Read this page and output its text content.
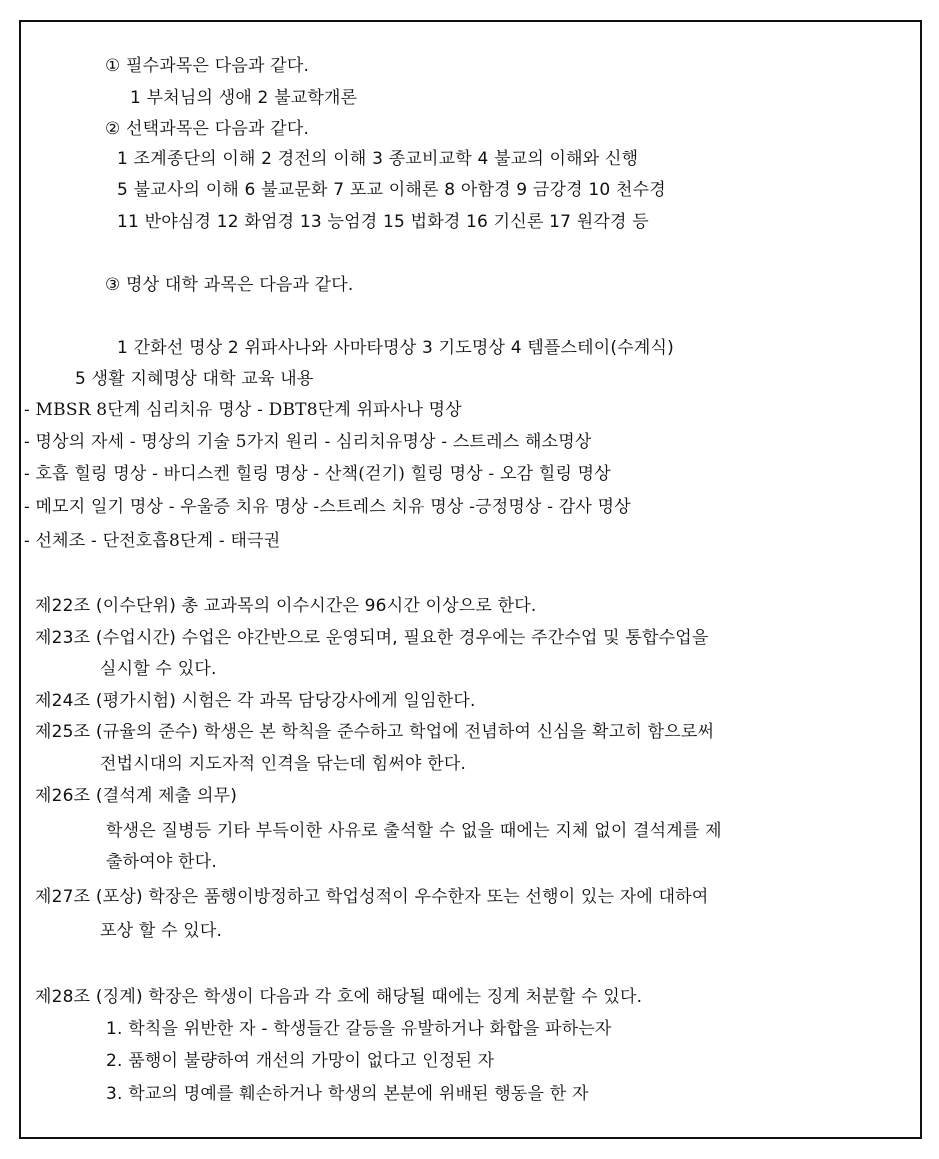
① 필수과목은 다음과 같다.
1 부처님의 생애 2 불교학개론
② 선택과목은 다음과 같다.
1 조계종단의 이해 2 경전의 이해 3 종교비교학 4 불교의 이해와 신행
5 불교사의 이해 6 불교문화 7 포교 이해론 8 아함경 9 금강경 10 천수경
11 반야심경 12 화엄경 13 능엄경 15 법화경 16 기신론 17 원각경 등
③ 명상 대학 과목은 다음과 같다.
1 간화선 명상 2 위파사나와 사마타명상 3 기도명상 4 템플스테이(수계식)
5 생활 지혜명상 대학 교육 내용
- MBSR 8단계 심리치유 명상 - DBT8단계 위파사나 명상
- 명상의 자세 - 명상의 기술 5가지 원리 - 심리치유명상 - 스트레스 해소명상
- 호흡 힐링 명상 - 바디스켄 힐링 명상 - 산책(걷기) 힐링 명상 - 오감 힐링 명상
- 메모지 일기 명상 - 우울증 치유 명상 -스트레스 치유 명상 -긍정명상 - 감사 명상
- 선체조 - 단전호흡8단계 - 태극권
제22조 (이수단위) 총 교과목의 이수시간은 96시간 이상으로 한다.
제23조 (수업시간) 수업은 야간반으로 운영되며, 필요한 경우에는 주간수업 및 통합수업을
실시할 수 있다.
제24조 (평가시험) 시험은 각 과목 담당강사에게 일임한다.
제25조 (규율의 준수) 학생은 본 학칙을 준수하고 학업에 전념하여 신심을 확고히 함으로써
전법시대의 지도자적 인격을 닦는데 힘써야 한다.
제26조 (결석계 제출 의무)
학생은 질병등 기타 부득이한 사유로 출석할 수 없을 때에는 지체 없이 결석계를 제
출하여야 한다.
제27조 (포상) 학장은 품행이방정하고 학업성적이 우수한자 또는 선행이 있는 자에 대하여
포상 할 수 있다.
제28조 (징계) 학장은 학생이 다음과 각 호에 해당될 때에는 징계 처분할 수 있다.
1. 학칙을 위반한 자 - 학생들간 갈등을 유발하거나 화합을 파하는자
2. 품행이 불량하여 개선의 가망이 없다고 인정된 자
3. 학교의 명예를 훼손하거나 학생의 본분에 위배된 행동을 한 자
